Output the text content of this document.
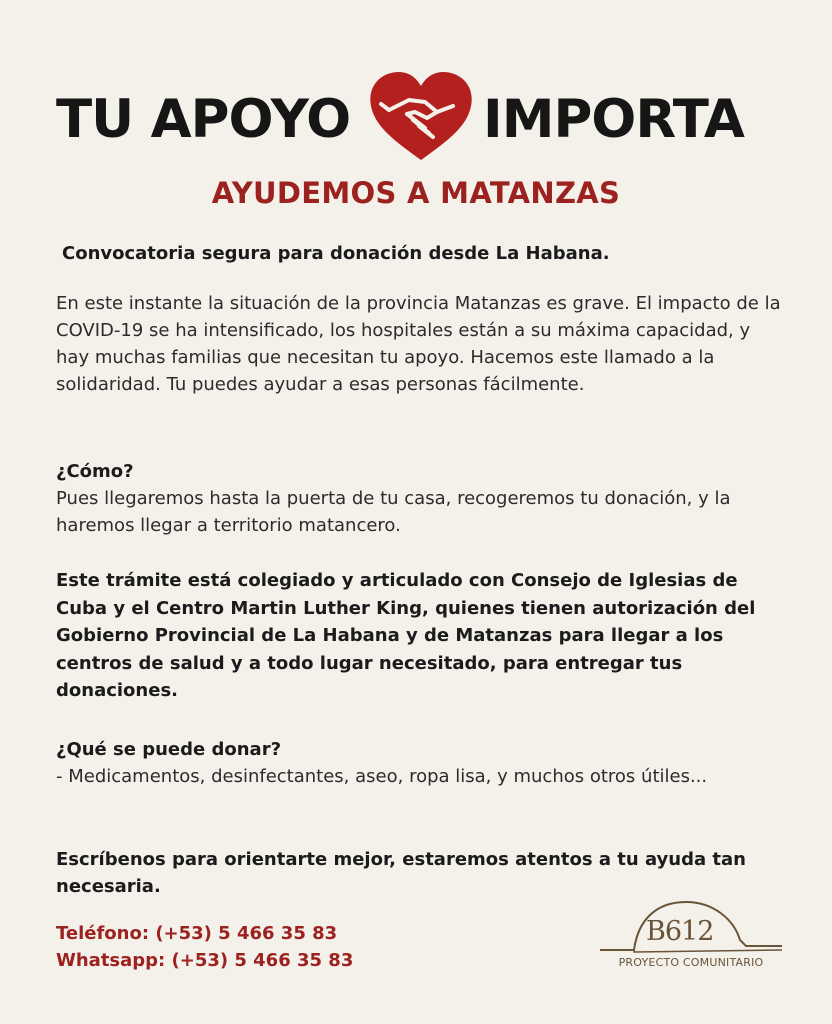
TU APOYO	IMPORTA
AYUDEMOS A MATANZAS

Convocatoria segura para donación desde La Habana.

En este instante la situación de la provincia Matanzas es grave. El impacto de la COVID-19 se ha intensificado, los hospitales están a su máxima capacidad, y hay muchas familias que necesitan tu apoyo. Hacemos este llamado a la solidaridad. Tu puedes ayudar a esas personas fácilmente.

¿Cómo?

Pues llegaremos hasta la puerta de tu casa, recogeremos tu donación, y la haremos llegar a territorio matancero.

Este trámite está colegiado y articulado con Consejo de Iglesias de Cuba y el Centro Martin Luther King, quienes tienen autorización del Gobierno Provincial de La Habana y de Matanzas para llegar a los centros de salud y a todo lugar necesitado, para entregar tus donaciones.

¿Qué se puede donar?

- Medicamentos, desinfectantes, aseo, ropa lisa, y muchos otros útiles...

Escríbenos para orientarte mejor, estaremos atentos a tu ayuda tan necesaria.

Teléfono: (+53) 5 466 35 83
Whatsapp: (+53) 5 466 35 83
B612
PROYECTO COMUNITARIO
